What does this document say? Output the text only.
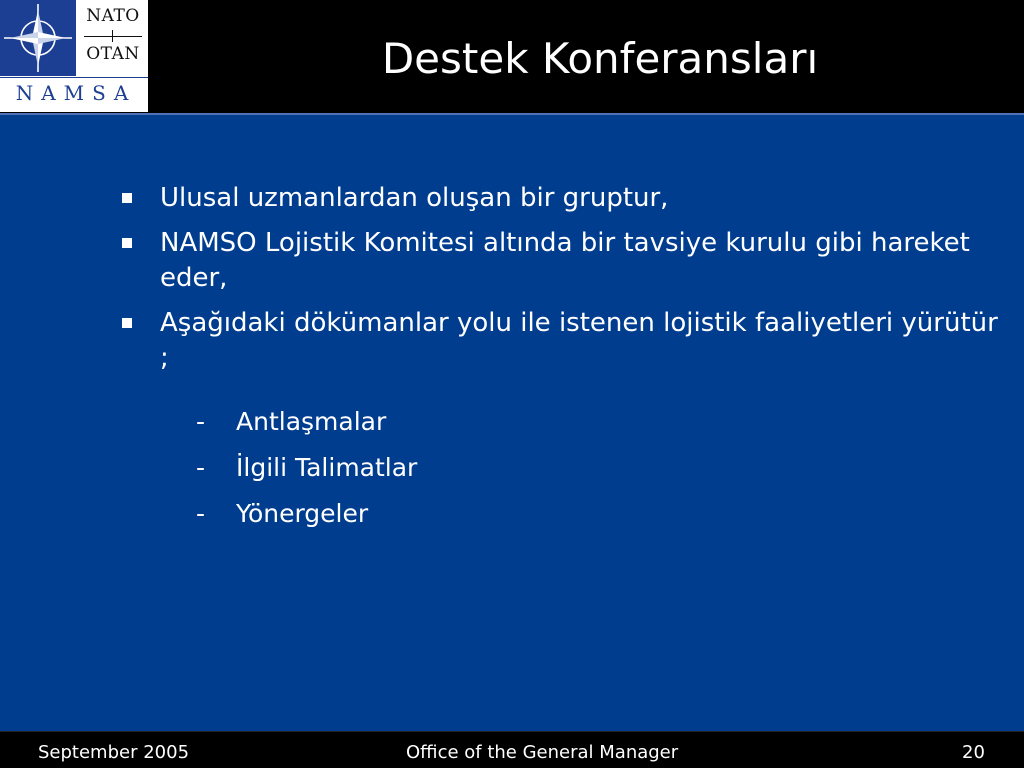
NATO
OTAN
NAMSA
Destek Konferansları
Ulusal uzmanlardan oluşan bir gruptur,
NAMSO Lojistik Komitesi altında bir tavsiye kurulu gibi hareket eder,
Aşağıdaki dökümanlar yolu ile istenen lojistik faaliyetleri yürütür ;
- Antlaşmalar
- İlgili Talimatlar
- Yönergeler
September 2005	Office of the General Manager	20
